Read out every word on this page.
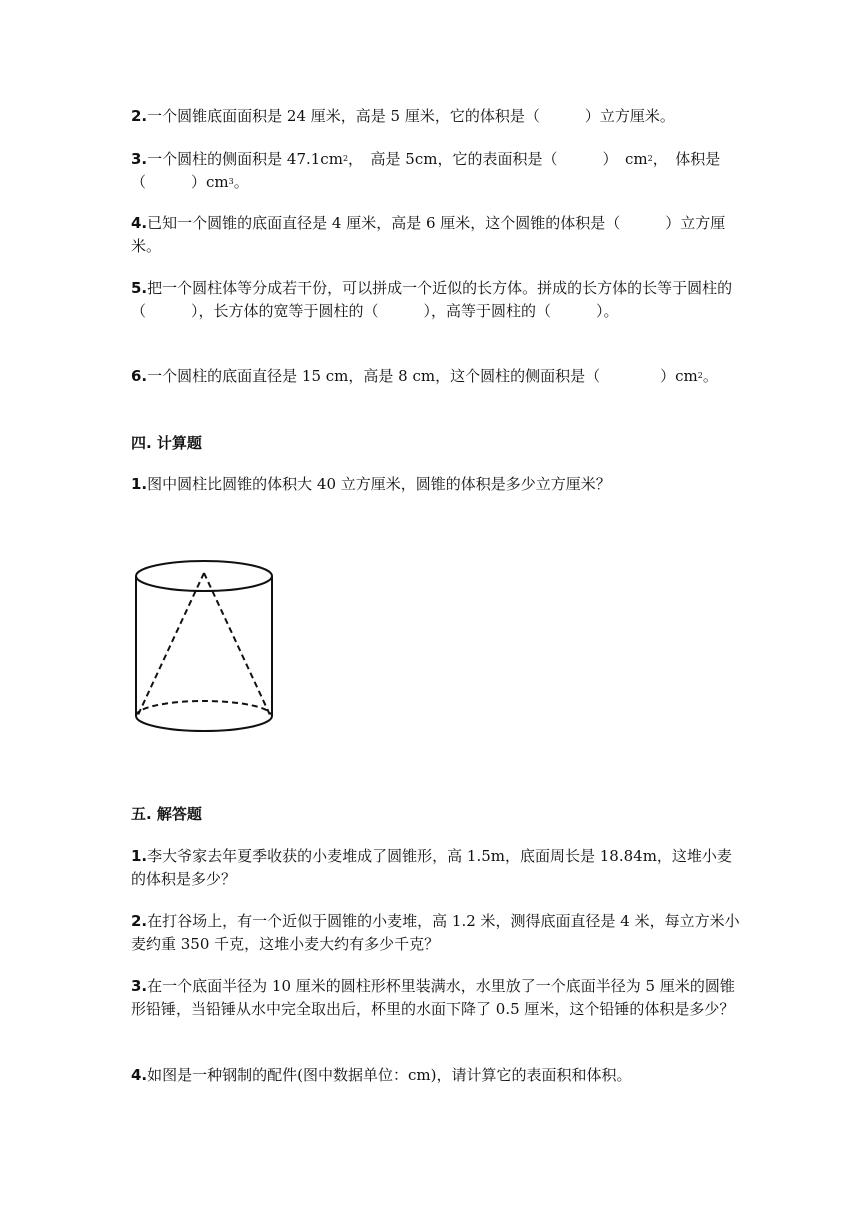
2.一个圆锥底面面积是 24 厘米，高是 5 厘米，它的体积是（　　　）立方厘米。

3.一个圆柱的侧面积是 $47.1cm^2$，　高是 5cm，它的表面积是（　　　）　$cm^2$，　体积是（　　　）$cm^3$。

4.已知一个圆锥的底面直径是 4 厘米，高是 6 厘米，这个圆锥的体积是（　　　）立方厘米。

5.把一个圆柱体等分成若干份，可以拼成一个近似的长方体。拼成的长方体的长等于圆柱的（　　　），长方体的宽等于圆柱的（　　　），高等于圆柱的（　　　）。

6.一个圆柱的底面直径是 15 cm，高是 8 cm，这个圆柱的侧面积是（　　　　）$cm^2$。

四. 计算题

1.图中圆柱比圆锥的体积大 40 立方厘米，圆锥的体积是多少立方厘米？

五. 解答题

1.李大爷家去年夏季收获的小麦堆成了圆锥形，高 1.5m，底面周长是 18.84m，这堆小麦的体积是多少？

2.在打谷场上，有一个近似于圆锥的小麦堆，高 1.2 米，测得底面直径是 4 米，每立方米小麦约重 350 千克，这堆小麦大约有多少千克？

3.在一个底面半径为 10 厘米的圆柱形杯里装满水，水里放了一个底面半径为 5 厘米的圆锥形铅锤，当铅锤从水中完全取出后，杯里的水面下降了 0.5 厘米，这个铅锤的体积是多少？

4.如图是一种钢制的配件(图中数据单位：cm)，请计算它的表面积和体积。
